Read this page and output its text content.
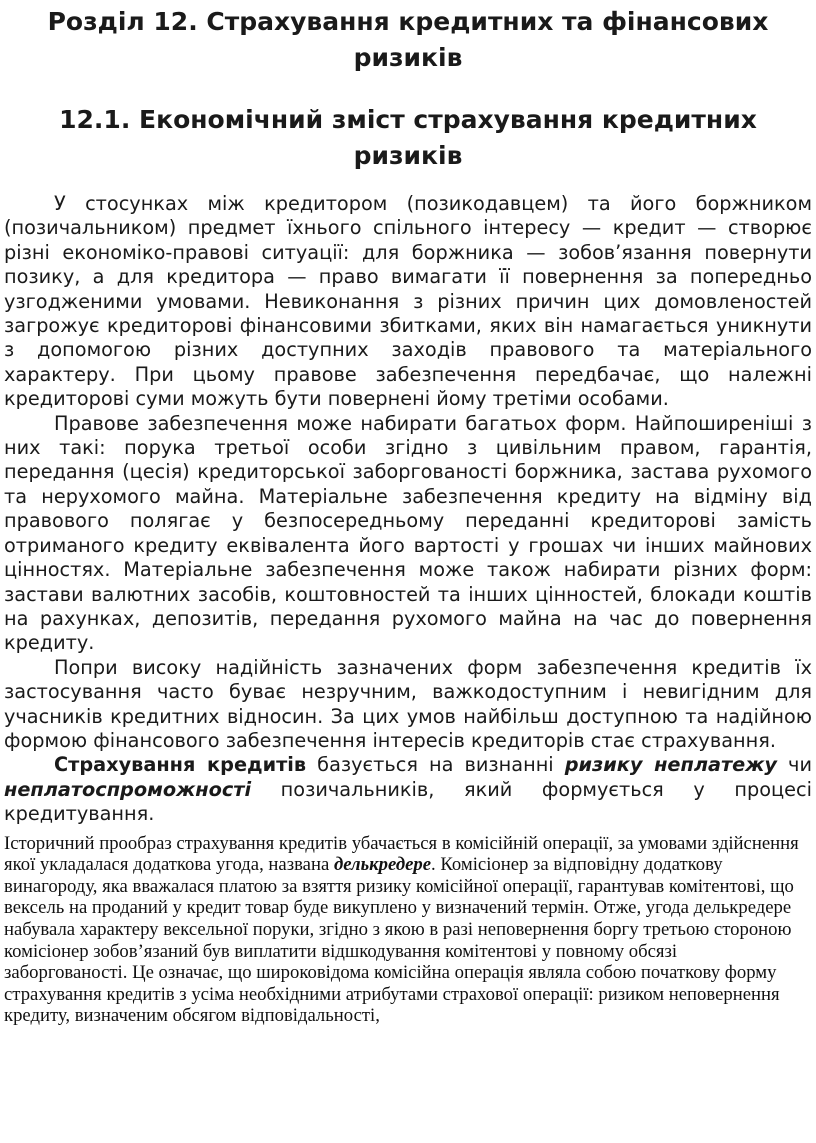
Розділ 12. Страхування кредитних та фінансових ризиків
12.1. Економічний зміст страхування кредитних ризиків

У стосунках між кредитором (позикодавцем) та його боржником (позичальником) предмет їхнього спільного інтересу — кредит — створює різні економіко-правові ситуації: для боржника — зобов’язання повернути позику, а для кредитора — право вимагати її повернення за попередньо узгодженими умовами. Невиконання з різних причин цих домовленостей загрожує кредиторові фінансовими збитками, яких він намагається уникнути з допомогою різних доступних заходів правового та матеріального характеру. При цьому правове забезпечення передбачає, що належні кредиторові суми можуть бути повернені йому третіми особами.

Правове забезпечення може набирати багатьох форм. Найпоширеніші з них такі: порука третьої особи згідно з цивільним правом, гарантія, передання (цесія) кредиторської заборгованості боржника, застава рухомого та нерухомого майна. Матеріальне забезпечення кредиту на відміну від правового полягає у безпосередньому переданні кредиторові замість отриманого кредиту еквівалента його вартості у грошах чи інших майнових цінностях. Матеріальне забезпечення може також набирати різних форм: застави валютних засобів, коштовностей та інших цінностей, блокади коштів на рахунках, депозитів, передання рухомого майна на час до повернення кредиту.

Попри високу надійність зазначених форм забезпечення кредитів їх застосування часто буває незручним, важкодоступним і невигідним для учасників кредитних відносин. За цих умов найбільш доступною та надійною формою фінансового забезпечення інтересів кредиторів стає страхування.

Страхування кредитів базується на визнанні ризику неплатежу чи неплатоспроможності позичальників, який формується у процесі кредитування.

Історичний прообраз страхування кредитів убачається в комісійній операції, за умовами здійснення якої укладалася додаткова угода, названа делькредере. Комісіонер за відповідну додаткову винагороду, яка вважалася платою за взяття ризику комісійної операції, гарантував комітентові, що вексель на проданий у кредит товар буде викуплено у визначений термін. Отже, угода делькредере набувала характеру вексельної поруки, згідно з якою в разі неповернення боргу третьою стороною комісіонер зобов’язаний був виплатити відшкодування комітентові у повному обсязі заборгованості. Це означає, що широковідома комісійна операція являла собою початкову форму страхування кредитів з усіма необхідними атрибутами страхової операції: ризиком неповернення кредиту, визначеним обсягом відповідальності,
